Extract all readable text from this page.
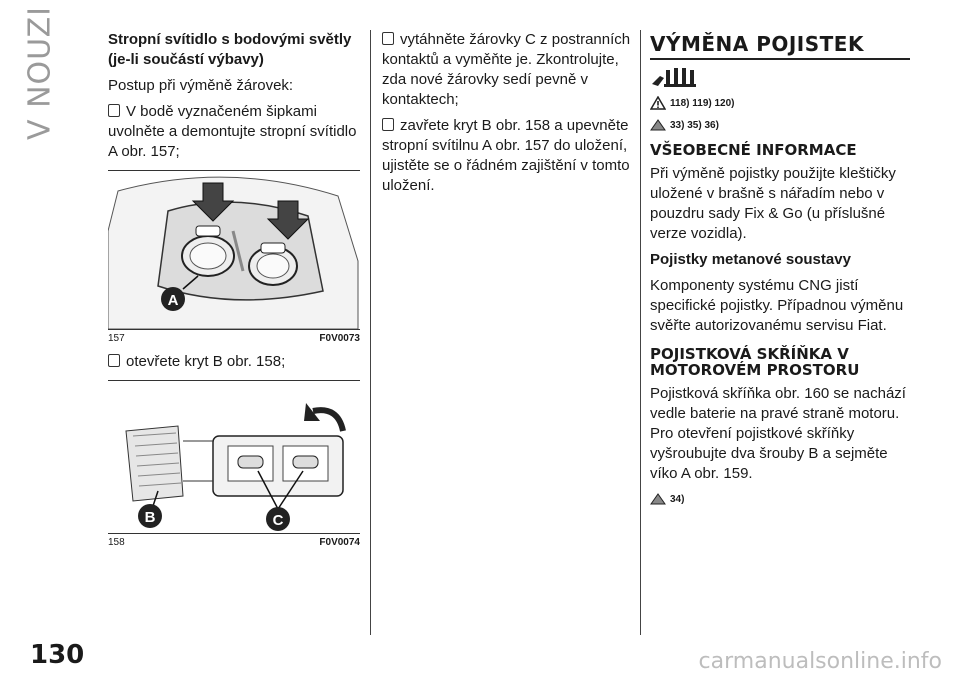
V NOUZI	Stropní svítidlo s bodovými světly (je-li součástí výbavy)

Postup při výměně žárovek:

V bodě vyznačeném šipkami uvolněte a demontujte stropní svítidlo A obr. 157;

A
157	F0V0073

otevřete kryt B obr. 158;

B	C
158	F0V0074

vytáhněte žárovky C z postranních kontaktů a vyměňte je. Zkontrolujte, zda nové žárovky sedí pevně v kontaktech;

zavřete kryt B obr. 158 a upevněte stropní svítilnu A obr. 157 do uložení, ujistěte se o řádném zajištění v tomto uložení.

VÝMĚNA POJISTEK
118) 119) 120)
33) 35) 36)
VŠEOBECNÉ INFORMACE

Při výměně pojistky použijte kleštičky uložené v brašně s nářadím nebo v pouzdru sady Fix & Go (u příslušné verze vozidla).

Pojistky metanové soustavy

Komponenty systému CNG jistí specifické pojistky. Případnou výměnu svěřte autorizovanému servisu Fiat.

POJISTKOVÁ SKŘÍŇKA V MOTOROVÉM PROSTORU

Pojistková skříňka obr. 160 se nachází vedle baterie na pravé straně motoru. Pro otevření pojistkové skříňky vyšroubujte dva šrouby B a sejměte víko A obr. 159.

34)
130	carmanualsonline.info
